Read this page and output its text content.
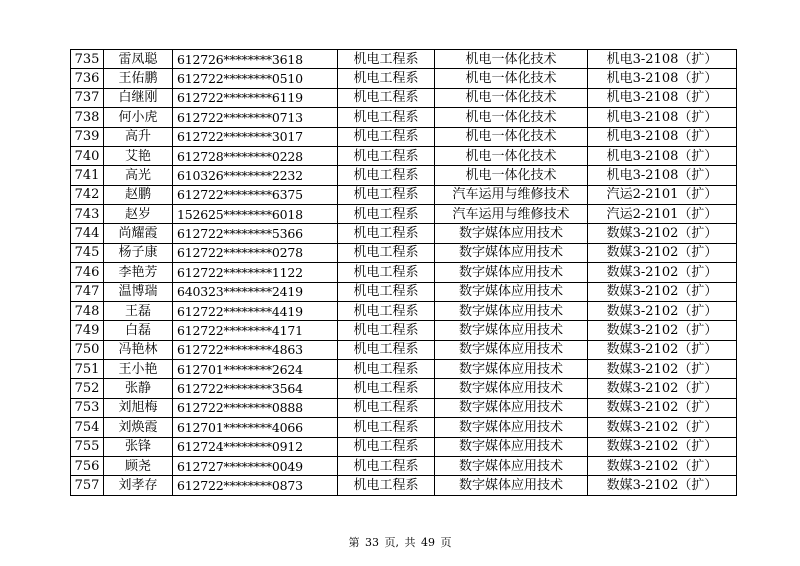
735	雷凤聪	612726********3618	机电工程系	机电一体化技术	机电3-2108（扩）
736	王佑鹏	612722********0510	机电工程系	机电一体化技术	机电3-2108（扩）
737	白继刚	612722********6119	机电工程系	机电一体化技术	机电3-2108（扩）
738	何小虎	612722********0713	机电工程系	机电一体化技术	机电3-2108（扩）
739	高升	612722********3017	机电工程系	机电一体化技术	机电3-2108（扩）
740	艾艳	612728********0228	机电工程系	机电一体化技术	机电3-2108（扩）
741	高光	610326********2232	机电工程系	机电一体化技术	机电3-2108（扩）
742	赵鹏	612722********6375	机电工程系	汽车运用与维修技术	汽运2-2101（扩）
743	赵岁	152625********6018	机电工程系	汽车运用与维修技术	汽运2-2101（扩）
744	尚耀霞	612722********5366	机电工程系	数字媒体应用技术	数媒3-2102（扩）
745	杨子康	612722********0278	机电工程系	数字媒体应用技术	数媒3-2102（扩）
746	李艳芳	612722********1122	机电工程系	数字媒体应用技术	数媒3-2102（扩）
747	温博瑞	640323********2419	机电工程系	数字媒体应用技术	数媒3-2102（扩）
748	王磊	612722********4419	机电工程系	数字媒体应用技术	数媒3-2102（扩）
749	白磊	612722********4171	机电工程系	数字媒体应用技术	数媒3-2102（扩）
750	冯艳林	612722********4863	机电工程系	数字媒体应用技术	数媒3-2102（扩）
751	王小艳	612701********2624	机电工程系	数字媒体应用技术	数媒3-2102（扩）
752	张静	612722********3564	机电工程系	数字媒体应用技术	数媒3-2102（扩）
753	刘旭梅	612722********0888	机电工程系	数字媒体应用技术	数媒3-2102（扩）
754	刘焕霞	612701********4066	机电工程系	数字媒体应用技术	数媒3-2102（扩）
755	张锋	612724********0912	机电工程系	数字媒体应用技术	数媒3-2102（扩）
756	顾尧	612727********0049	机电工程系	数字媒体应用技术	数媒3-2102（扩）
757	刘孝存	612722********0873	机电工程系	数字媒体应用技术	数媒3-2102（扩）
第 33 页, 共 49 页
